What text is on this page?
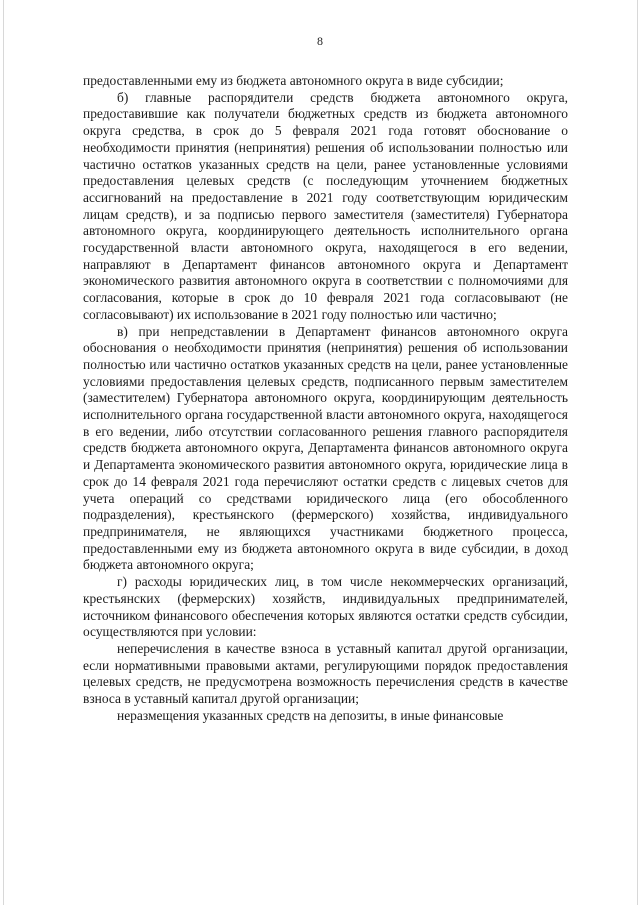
8

предоставленными ему из бюджета автономного округа в виде субсидии;

б) главные распорядители средств бюджета автономного округа, предоставившие как получатели бюджетных средств из бюджета автономного округа средства, в срок до 5 февраля 2021 года готовят обоснование о необходимости принятия (непринятия) решения об использовании полностью или частично остатков указанных средств на цели, ранее установленные условиями предоставления целевых средств (с последующим уточнением бюджетных ассигнований на предоставление в 2021 году соответствующим юридическим лицам средств), и за подписью первого заместителя (заместителя) Губернатора автономного округа, координирующего деятельность исполнительного органа государственной власти автономного округа, находящегося в его ведении, направляют в Департамент финансов автономного округа и Департамент экономического развития автономного округа в соответствии с полномочиями для согласования, которые в срок до 10 февраля 2021 года согласовывают (не согласовывают) их использование в 2021 году полностью или частично;

в) при непредставлении в Департамент финансов автономного округа обоснования о необходимости принятия (непринятия) решения об использовании полностью или частично остатков указанных средств на цели, ранее установленные условиями предоставления целевых средств, подписанного первым заместителем (заместителем) Губернатора автономного округа, координирующим деятельность исполнительного органа государственной власти автономного округа, находящегося в его ведении, либо отсутствии согласованного решения главного распорядителя средств бюджета автономного округа, Департамента финансов автономного округа и Департамента экономического развития автономного округа, юридические лица в срок до 14 февраля 2021 года перечисляют остатки средств с лицевых счетов для учета операций со средствами юридического лица (его обособленного подразделения), крестьянского (фермерского) хозяйства, индивидуального предпринимателя, не являющихся участниками бюджетного процесса, предоставленными ему из бюджета автономного округа в виде субсидии, в доход бюджета автономного округа;

г) расходы юридических лиц, в том числе некоммерческих организаций, крестьянских (фермерских) хозяйств, индивидуальных предпринимателей, источником финансового обеспечения которых являются остатки средств субсидии, осуществляются при условии:

неперечисления в качестве взноса в уставный капитал другой организации, если нормативными правовыми актами, регулирующими порядок предоставления целевых средств, не предусмотрена возможность перечисления средств в качестве взноса в уставный капитал другой организации;

неразмещения указанных средств на депозиты, в иные финансовые
